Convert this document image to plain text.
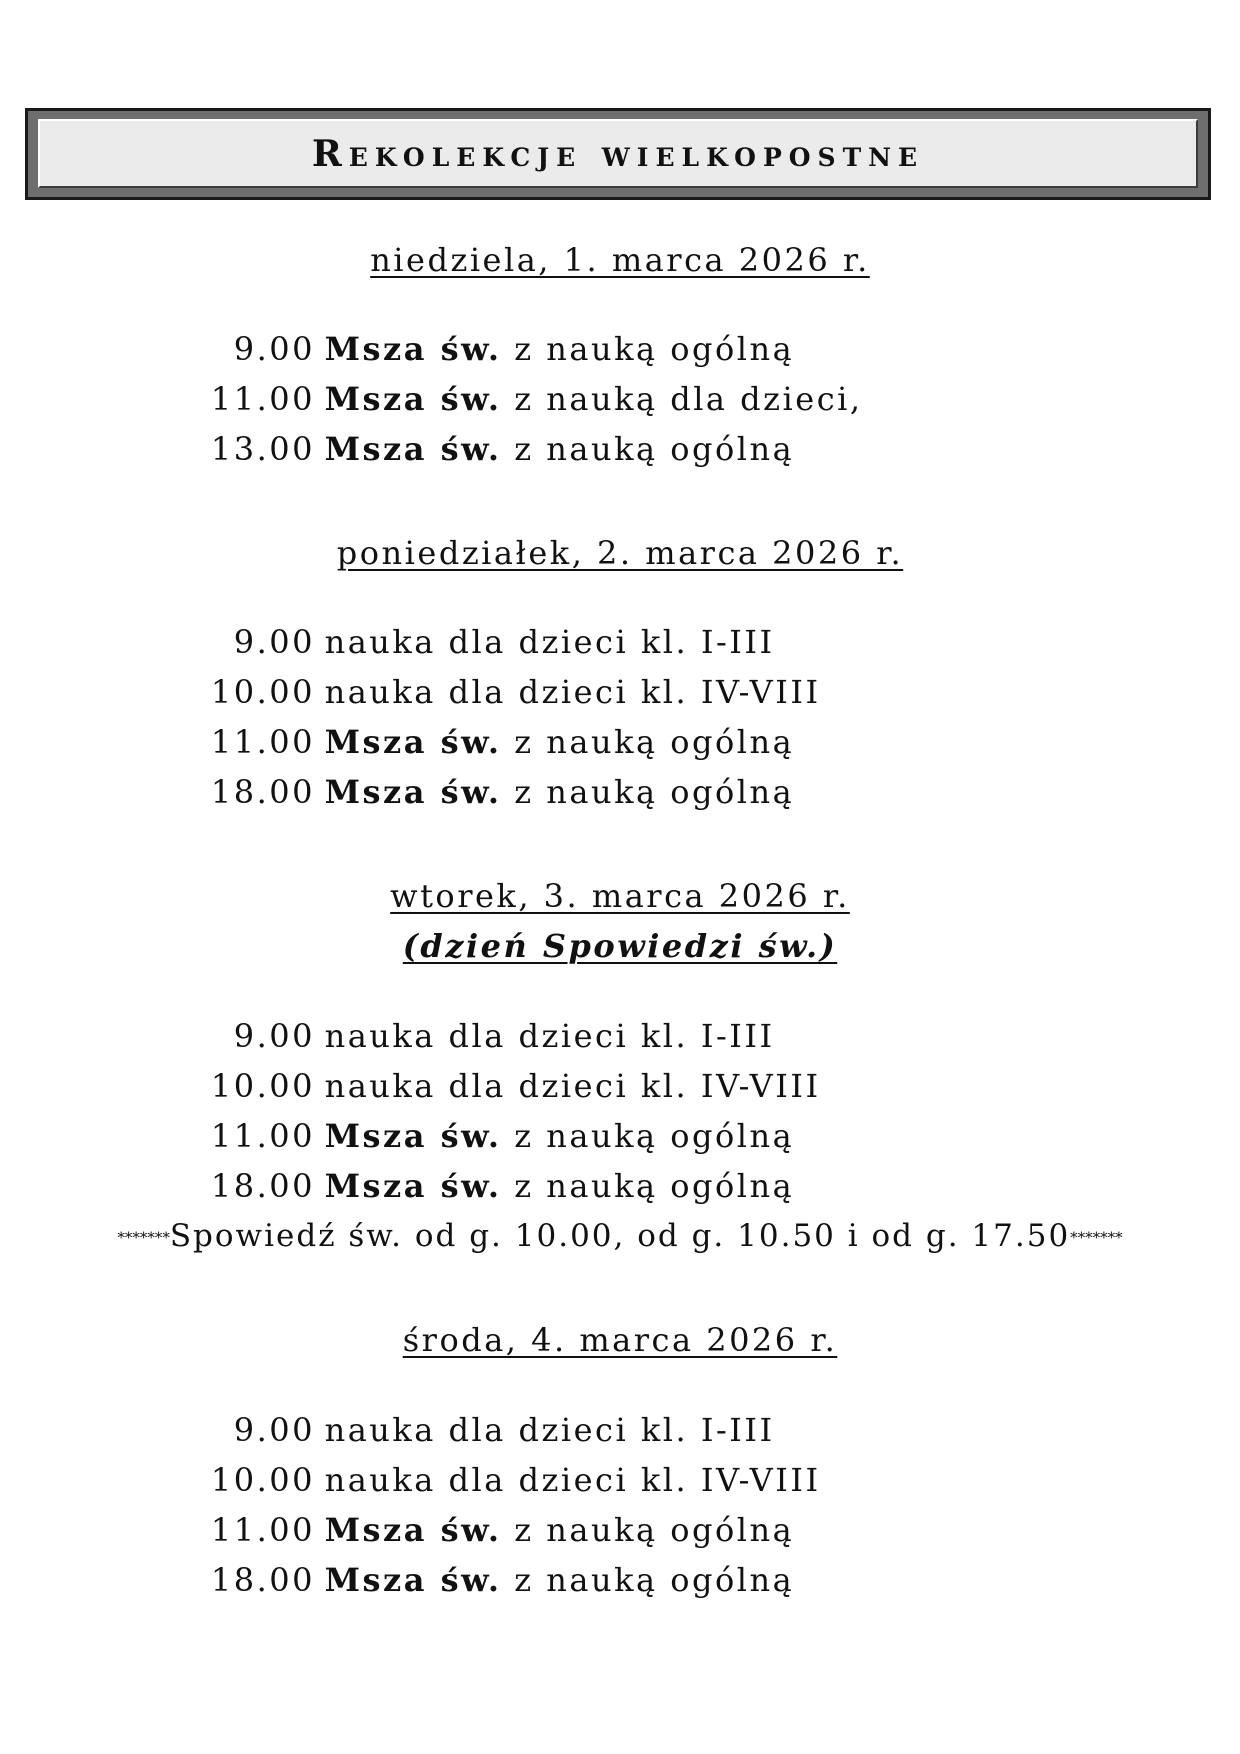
Rekolekcje wielkopostne
niedziela, 1. marca 2026 r.
9.00 Msza św. z nauką ogólną
11.00 Msza św. z nauką dla dzieci,
13.00 Msza św. z nauką ogólną
poniedziałek, 2. marca 2026 r.
9.00 nauka dla dzieci kl. I-III
10.00 nauka dla dzieci kl. IV-VIII
11.00 Msza św. z nauką ogólną
18.00 Msza św. z nauką ogólną
wtorek, 3. marca 2026 r.
(dzień Spowiedzi św.)
9.00 nauka dla dzieci kl. I-III
10.00 nauka dla dzieci kl. IV-VIII
11.00 Msza św. z nauką ogólną
18.00 Msza św. z nauką ogólną
*******Spowiedź św. od g. 10.00, od g. 10.50 i od g. 17.50*******
środa, 4. marca 2026 r.
9.00 nauka dla dzieci kl. I-III
10.00 nauka dla dzieci kl. IV-VIII
11.00 Msza św. z nauką ogólną
18.00 Msza św. z nauką ogólną
